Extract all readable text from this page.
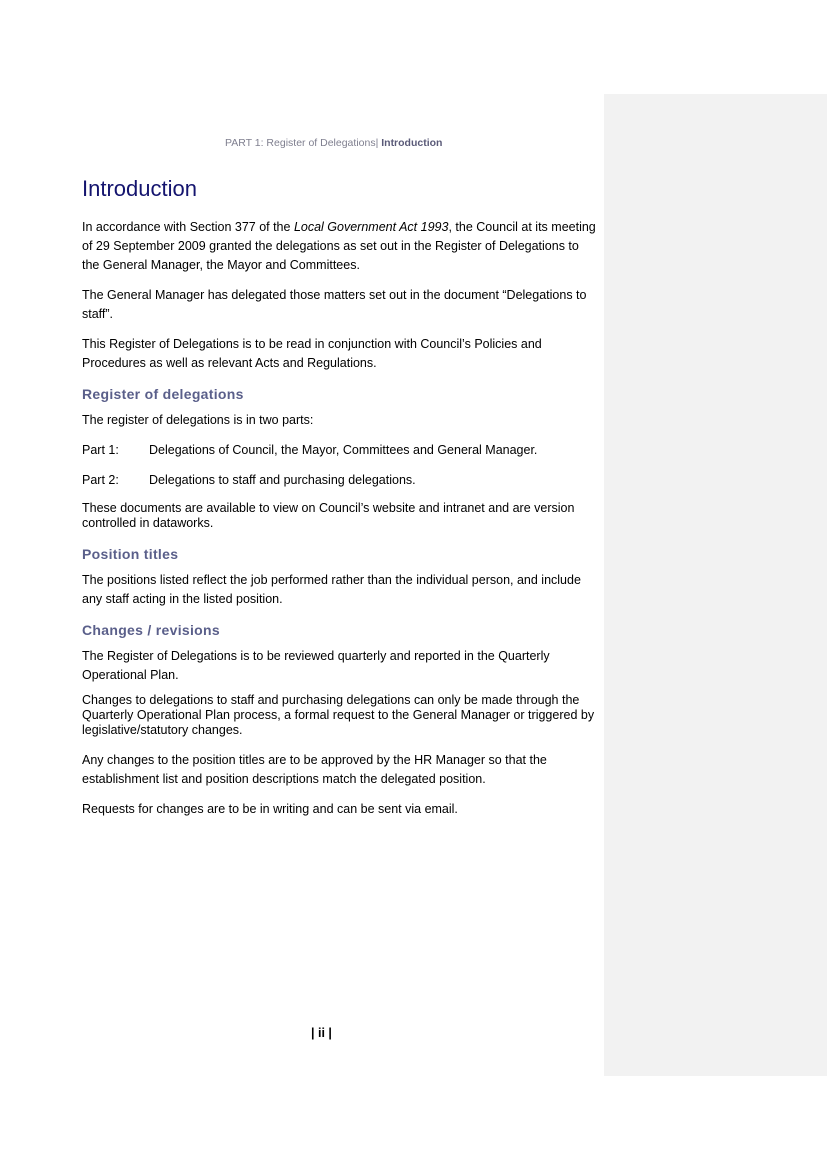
PART 1: Register of Delegations| Introduction
Introduction

In accordance with Section 377 of the Local Government Act 1993, the Council at its meeting of 29 September 2009 granted the delegations as set out in the Register of Delegations to the General Manager, the Mayor and Committees.

The General Manager has delegated those matters set out in the document “Delegations to staff”.

This Register of Delegations is to be read in conjunction with Council’s Policies and Procedures as well as relevant Acts and Regulations.

Register of delegations

The register of delegations is in two parts:

Part 1:	Delegations of Council, the Mayor, Committees and General Manager.
Part 2:	Delegations to staff and purchasing delegations.

These documents are available to view on Council’s website and intranet and are version controlled in dataworks.

Position titles

The positions listed reflect the job performed rather than the individual person, and include any staff acting in the listed position.

Changes / revisions

The Register of Delegations is to be reviewed quarterly and reported in the Quarterly Operational Plan.

Changes to delegations to staff and purchasing delegations can only be made through the Quarterly Operational Plan process, a formal request to the General Manager or triggered by legislative/statutory changes.

Any changes to the position titles are to be approved by the HR Manager so that the establishment list and position descriptions match the delegated position.

Requests for changes are to be in writing and can be sent via email.

| ii |
